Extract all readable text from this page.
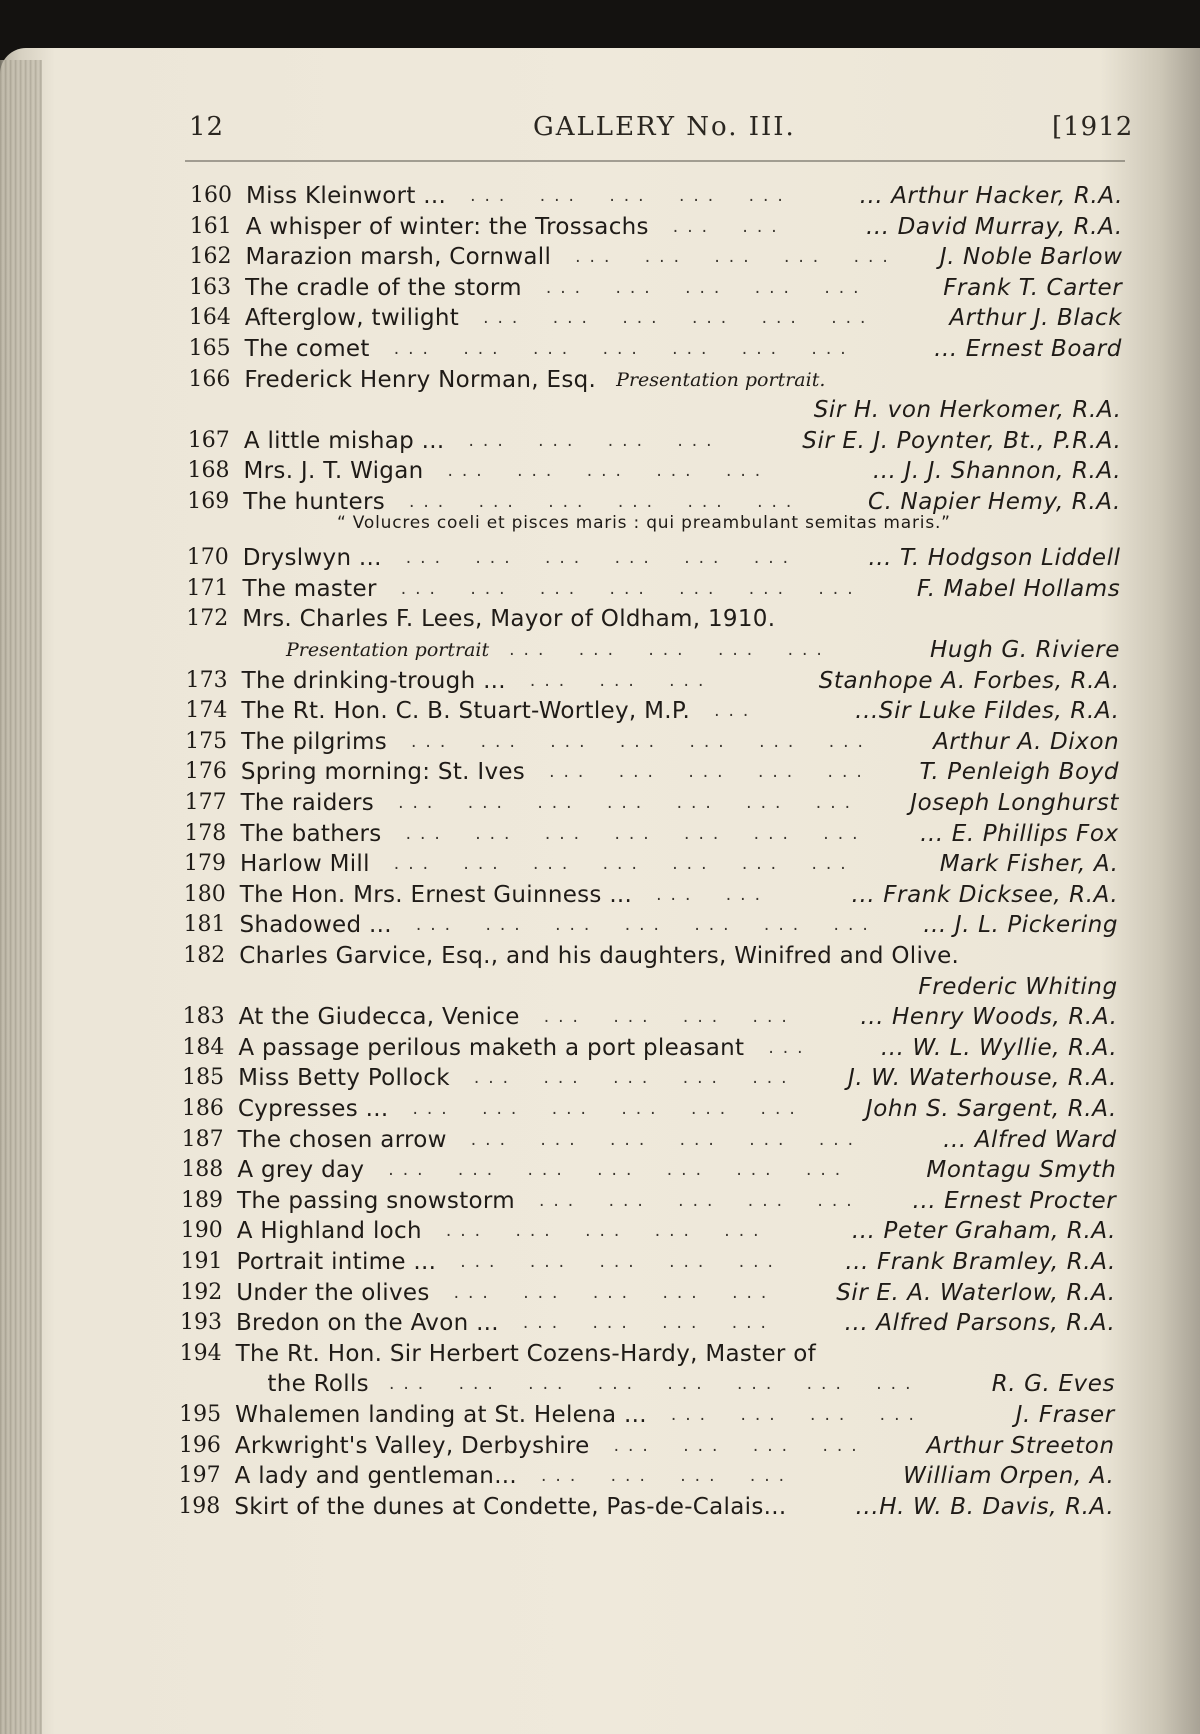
12	GALLERY No. III.	[1912
160 Miss Kleinwort ...	... Arthur Hacker, R.A.
... ... ... ... ...
161 A whisper of winter: the Trossachs	... David Murray, R.A.
... ...
162 Marazion marsh, Cornwall	J. Noble Barlow
... ... ... ... ...
163 The cradle of the storm	Frank T. Carter
... ... ... ... ...
164 Afterglow, twilight	Arthur J. Black
... ... ... ... ... ...
165 The comet	... Ernest Board
... ... ... ... ... ... ...
166 Frederick Henry Norman, Esq. Presentation portrait.
Sir H. von Herkomer, R.A.
167 A little mishap ...	Sir E. J. Poynter, Bt., P.R.A.
... ... ... ...
168 Mrs. J. T. Wigan	... J. J. Shannon, R.A.
... ... ... ... ...
169 The hunters	C. Napier Hemy, R.A.
... ... ... ... ... ...
“ Volucres coeli et pisces maris : qui preambulant semitas maris.”
170 Dryslwyn ...	... T. Hodgson Liddell
... ... ... ... ... ...
171 The master	F. Mabel Hollams
... ... ... ... ... ... ...
172 Mrs. Charles F. Lees, Mayor of Oldham, 1910.
Presentation portrait	Hugh G. Riviere
... ... ... ... ...
173 The drinking-trough ...	Stanhope A. Forbes, R.A.
... ... ...
174 The Rt. Hon. C. B. Stuart-Wortley, M.P.	...Sir Luke Fildes, R.A.
...
175 The pilgrims	Arthur A. Dixon
... ... ... ... ... ... ...
176 Spring morning: St. Ives	T. Penleigh Boyd
... ... ... ... ...
177 The raiders	Joseph Longhurst
... ... ... ... ... ... ...
178 The bathers	... E. Phillips Fox
... ... ... ... ... ... ...
179 Harlow Mill	Mark Fisher, A.
... ... ... ... ... ... ...
180 The Hon. Mrs. Ernest Guinness ...	... Frank Dicksee, R.A.
... ...
181 Shadowed ...	... J. L. Pickering
... ... ... ... ... ... ...
182 Charles Garvice, Esq., and his daughters, Winifred and Olive.
Frederic Whiting
183 At the Giudecca, Venice	... Henry Woods, R.A.
... ... ... ...
184 A passage perilous maketh a port pleasant	... W. L. Wyllie, R.A.
...
185 Miss Betty Pollock	J. W. Waterhouse, R.A.
... ... ... ... ...
186 Cypresses ...	John S. Sargent, R.A.
... ... ... ... ... ...
187 The chosen arrow	... Alfred Ward
... ... ... ... ... ...
188 A grey day	Montagu Smyth
... ... ... ... ... ... ...
189 The passing snowstorm	... Ernest Procter
... ... ... ... ...
190 A Highland loch	... Peter Graham, R.A.
... ... ... ... ...
191 Portrait intime ...	... Frank Bramley, R.A.
... ... ... ... ...
192 Under the olives	Sir E. A. Waterlow, R.A.
... ... ... ... ...
193 Bredon on the Avon ...	... Alfred Parsons, R.A.
... ... ... ...
194 The Rt. Hon. Sir Herbert Cozens-Hardy, Master of
the Rolls	R. G. Eves
... ... ... ... ... ... ... ...
195 Whalemen landing at St. Helena ...	J. Fraser
... ... ... ...
196 Arkwright's Valley, Derbyshire	Arthur Streeton
... ... ... ...
197 A lady and gentleman...	William Orpen, A.
... ... ... ...
198 Skirt of the dunes at Condette, Pas-de-Calais...	...H. W. B. Davis, R.A.
